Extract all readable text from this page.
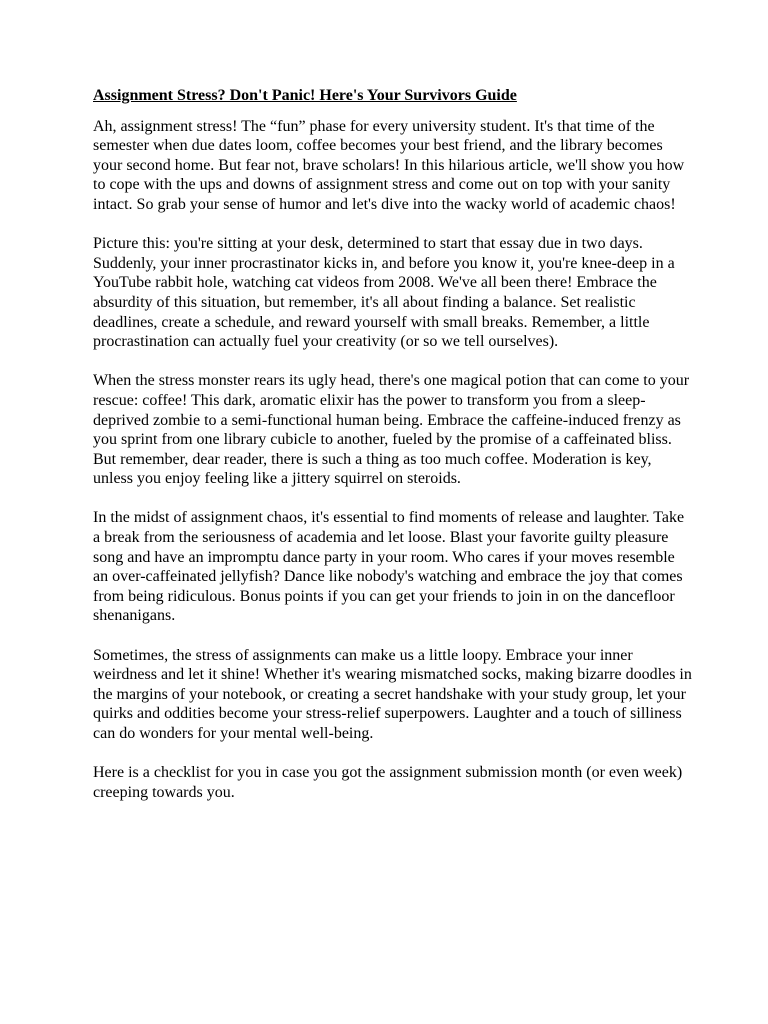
Assignment Stress? Don't Panic! Here's Your Survivors Guide

Ah, assignment stress! The “fun” phase for every university student. It's that time of the semester when due dates loom, coffee becomes your best friend, and the library becomes your second home. But fear not, brave scholars! In this hilarious article, we'll show you how to cope with the ups and downs of assignment stress and come out on top with your sanity intact. So grab your sense of humor and let's dive into the wacky world of academic chaos!

Picture this: you're sitting at your desk, determined to start that essay due in two days. Suddenly, your inner procrastinator kicks in, and before you know it, you're knee-deep in a YouTube rabbit hole, watching cat videos from 2008. We've all been there! Embrace the absurdity of this situation, but remember, it's all about finding a balance. Set realistic deadlines, create a schedule, and reward yourself with small breaks. Remember, a little procrastination can actually fuel your creativity (or so we tell ourselves).

When the stress monster rears its ugly head, there's one magical potion that can come to your rescue: coffee! This dark, aromatic elixir has the power to transform you from a sleep-deprived zombie to a semi-functional human being. Embrace the caffeine-induced frenzy as you sprint from one library cubicle to another, fueled by the promise of a caffeinated bliss. But remember, dear reader, there is such a thing as too much coffee. Moderation is key, unless you enjoy feeling like a jittery squirrel on steroids.

In the midst of assignment chaos, it's essential to find moments of release and laughter. Take a break from the seriousness of academia and let loose. Blast your favorite guilty pleasure song and have an impromptu dance party in your room. Who cares if your moves resemble an over-caffeinated jellyfish? Dance like nobody's watching and embrace the joy that comes from being ridiculous. Bonus points if you can get your friends to join in on the dancefloor shenanigans.

Sometimes, the stress of assignments can make us a little loopy. Embrace your inner weirdness and let it shine! Whether it's wearing mismatched socks, making bizarre doodles in the margins of your notebook, or creating a secret handshake with your study group, let your quirks and oddities become your stress-relief superpowers. Laughter and a touch of silliness can do wonders for your mental well-being.

Here is a checklist for you in case you got the assignment submission month (or even week) creeping towards you.
